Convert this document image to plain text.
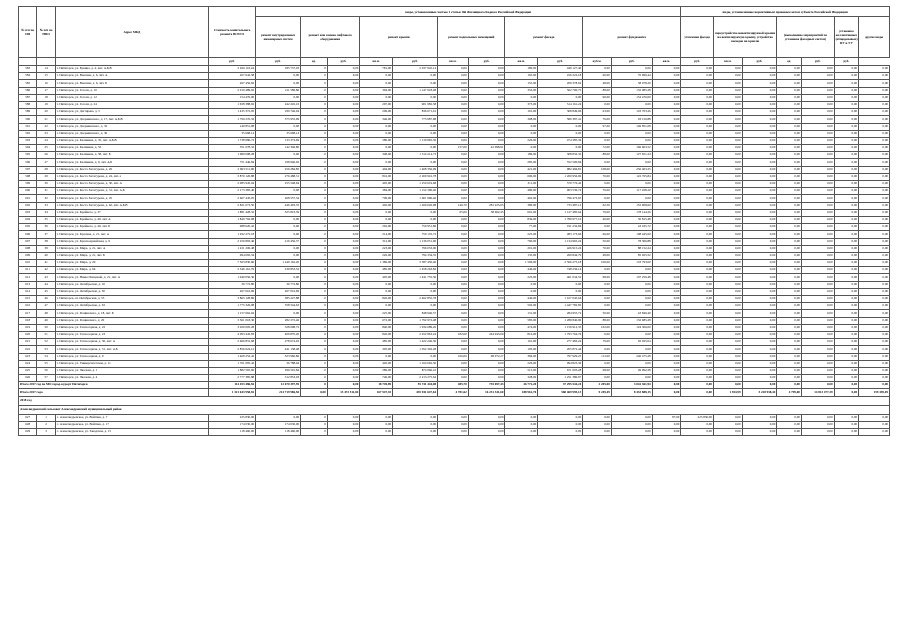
№ п/п по ПП	№ п/п по НПО	Адрес МКД	Стоимость капитального ремонта ВСЕГО	виды, установленные частью 1 статьи 166 Жилищного Кодекса Российской Федерации												виды, установленные нормативным правовым актом субъекта Российской Федерации						
				ремонт внутридомовых инженерных систем	ремонт или замена лифтового оборудования		ремонт крыши		ремонт подвальных помещений		ремонт фасада		ремонт фундамента			утепление фасада	переустройство невентилируемой крыши на вентилируемую крышу, устройство выходов на кровлю		(выполнение мероприятий по установке фасадных систем)		установка коллективных (общедомовых) ПУ и УУ	другие виды
			руб.	руб.	ед.	руб.	кв.м.	руб.	кв.м.	руб.	кв.м.	руб.	куб.м.	руб.	кв.м.	руб.	кв.м.	руб.	ед.	руб.	руб.	
583	14	г. Пятигорск, ул. Бунина, д. 4, лит. А,Б,В	2 626 116,44	185 737,03	0	0,00	781,00	2 037 945,14	0,00	0,00	180,00	449 127,40	0,00	0,00	0,00	0,00	0,00	0,00	0,00	0,00	0,00	0,00
584	15	г. Пятигорск, ул. Ваксина, д. 6, лит. А	267 642,58	0,00	0	0,00	0,00	0,00	0,00	0,00	165,00	226 222,18	60,00	70 699,44	0,00	0,00	0,00	0,00	0,00	0,00	0,00	0,00
585	16	г. Пятигорск, ул. Ваксина, д. 6, лит. Б	267 456,82	0,00	0	0,00	0,00	0,00	0,00	0,00	155,00	209 378,62	48,00	58 078,20	0,00	0,00	0,00	0,00	0,00	0,00	0,00	0,00
586	17	г. Пятигорск, ул. Гоголя, д. 10	2 010 489,02	211 586,86	0	0,00	394,00	1 147 918,48	0,00	0,00	352,00	502 700,75	88,00	132 085,28	0,00	0,00	0,00	0,00	0,00	0,00	0,00	0,00
587	18	г. Пятигорск, ул. Гоголя, д. 12	154 476,00	0,00	0	0,00	0,00	0,00	0,00	0,00	0,00	0,00	96,00	154 476,00	0,00	0,00	0,00	0,00	0,00	0,00	0,00	0,00
588	19	г. Пятигорск, ул. Гоголя, д. 24	1 658 388,92	242 245,10	0	0,00	297,00	901 982,58	0,00	0,00	373,00	514 161,24	0,00	0,00	0,00	0,00	0,00	0,00	0,00	0,00	0,00	0,00
589	20	г. Пятигорск, ул. Дегтярева, д. 5	1 435 372,05	180 746,04	0	0,00	209,00	836 671,61	0,00	0,00	191,00	308 849,06	63,00	103 703,26	0,00	0,00	0,00	0,00	0,00	0,00	0,00	0,00
590	21	г. Пятигорск, ул. Дзержинского, д. 17, лит. А,Б,В	1 790 276,32	375 955,99	0	0,00	346,00	773 987,98	0,00	0,00	308,00	580 387,41	76,00	93 150,88	0,00	0,00	0,00	0,00	0,00	0,00	0,00	0,00
591	22	г. Пятигорск, ул. Дзержинского, д. 32	149 851,08	0,00	0	0,00	0,00	0,00	0,00	0,00	0,00	0,00	97,00	149 851,08	0,00	0,00	0,00	0,00	0,00	0,00	0,00	0,00
592	23	г. Пятигорск, ул. Дзержинского, д. 36	35 668,14	35 668,14	0	0,00	0,00	0,00	0,00	0,00	0,00	0,00	0,00	0,00	0,00	0,00	0,00	0,00	0,00	0,00	0,00	0,00
593	24	г. Пятигорск, ул. Калинина, д. 35, лит. А,Б,В	1 738 686,72	133 374,69	0	0,00	280,00	1 130 865,36	0,00	0,00	226,00	474 385,36	0,00	0,00	0,00	0,00	0,00	0,00	0,00	0,00	0,00	0,00
594	25	г. Пятигорск, ул. Калинина, д. 52	351 078,32	142 346,80	0	0,00	0,00	0,00	157,00	42 098,91	0,00	0,00	72,00	166 603,52	0,00	0,00	0,00	0,00	0,00	0,00	0,00	0,00
595	26	г. Пятигорск, ул. Калинина, д. 58, лит. Б	1 680 698,28	0,00	0	0,00	348,00	1 314 214,73	0,00	0,00	186,00	308 832,32	88,00	127 651,24	0,00	0,00	0,00	0,00	0,00	0,00	0,00	0,00
596	27	г. Пятигорск, ул. Калинина, д. 9, лит. А,Б	751 446,84	198 946,02	0	0,00	0,00	0,00	0,00	0,00	285,00	552 500,84	0,00	0,00	0,00	0,00	0,00	0,00	0,00	0,00	0,00	0,00
597	28	г. Пятигорск, ул. Коста Хетагурова, д. 20	2 963 511,90	256 284,85	0	0,00	404,00	1 468 356,99	0,00	0,00	421,00	982 466,81	108,00	256 403,25	0,00	0,00	0,00	0,00	0,00	0,00	0,00	0,00
598	29	г. Пятигорск, ул. Коста Хетагурова, д. 24, лит. а	3 870 126,88	276 488,31	0	0,00	816,00	2 269 916,78	0,00	0,00	690,00	1 200 956,96	70,00	122 765,84	0,00	0,00	0,00	0,00	0,00	0,00	0,00	0,00
599	30	г. Пятигорск, ул. Коста Хетагурова, д. 30, лит. А	2 085 945,04	255 548,94	0	0,00	405,00	1 250 619,68	0,00	0,00	311,00	579 776,42	0,00	0,00	0,00	0,00	0,00	0,00	0,00	0,00	0,00	0,00
600	31	г. Пятигорск, ул. Коста Хетагурова, д. 31, лит. А,Б	2 173 385,40	0,00	0	0,00	384,00	1 152 390,46	0,00	0,00	480,00	903 536,74	76,00	117 458,20	0,00	0,00	0,00	0,00	0,00	0,00	0,00	0,00
601	32	г. Пятигорск, ул. Коста Хетагурова, д. 45	2 667 445,05	268 557,34	0	0,00	709,00	1 601 996,46	0,00	0,00	462,00	796 473,65	0,00	0,00	0,00	0,00	0,00	0,00	0,00	0,00	0,00	0,00
602	33	г. Пятигорск, ул. Коста Хетагурова, д. 62, лит. А,Б,В	2 821 073,50	446 493,35	0	0,00	402,00	1 269 626,98	146,70	281 225,05	380,00	733 487,12	62,50	152 908,60	0,00	0,00	0,00	0,00	0,00	0,00	0,00	0,00
603	34	г. Пятигорск, ул. Крайнего, д. 37	1 881 428,32	325 823,39	0	0,00	0,00	0,00	65,00	38 962,45	691,00	1 127 485,64	70,00	178 144,26	0,00	0,00	0,00	0,00	0,00	0,00	0,00	0,00
604	35	г. Пятигорск, ул. Крайнего, д. 49, лит. А	1 840 792,08	0,00	0	0,00	0,00	0,00	0,00	0,00	839,00	1 789 977,10	40,00	50 815,48	0,00	0,00	0,00	0,00	0,00	0,00	0,00	0,00
605	36	г. Пятигорск, ул. Крайнего, д. 49, лит. Б	988 620,42	0,00	0	0,00	262,00	750 951,86	0,00	0,00	77,00	191 232,84	0,00	43 435,72	0,00	0,00	0,00	0,00	0,00	0,00	0,00	0,00
606	37	г. Пятигорск, ул. Красина, д. 21, лит. А	1 292 275,18	0,00	0	0,00	214,00	750 135,72	0,00	0,00	225,00	483 173,66	66,00	108 445,00	0,00	0,00	0,00	0,00	0,00	0,00	0,00	0,00
607	38	г. Пятигорск, ул. Красноармейская, д. 9	2 256 893,46	216 456,37	0	0,00	312,00	1 136 051,00	0,00	0,00	790,00	1 134 965,24	50,00	78 306,88	0,00	0,00	0,00	0,00	0,00	0,00	0,00	0,00
608	39	г. Пятигорск, ул. Мира, д. 21, лит. А	1 221 206,48	0,00	0	0,00	223,00	796 033,00	0,00	0,00	201,00	426 915,24	70,00	88 152,24	0,00	0,00	0,00	0,00	0,00	0,00	0,00	0,00
609	40	г. Пятигорск, ул. Мира, д. 21, лит. Б	994 092,34	0,00	0	0,00	226,00	794 334,35	0,00	0,00	135,00	269 844,79	48,00	85 025,52	0,00	0,00	0,00	0,00	0,00	0,00	0,00	0,00
610	41	г. Пятигорск, ул. Мира, д. 29	7 563 830,96	1 249 162,20	0	0,00	1 386,00	3 587 450,46	0,00	0,00	1 596,00	2 506 275,18	106,00	133 793,00	0,00	0,00	0,00	0,00	0,00	0,00	0,00	0,00
611	42	г. Пятигорск, ул. Мира, д. 66	2 346 161,76	239 853,52	0	0,00	485,00	1 458 263,82	0,00	0,00	446,00	748 236,14	0,00	0,00	0,00	0,00	0,00	0,00	0,00	0,00	0,00	0,00
612	43	г. Пятигорск, ул. Нины Попцовой, д. 21, лит. А	1 940 056,36	0,00	0	0,00	405,00	1 441 755,30	0,00	0,00	225,00	461 034,52	68,00	107 256,48	0,00	0,00	0,00	0,00	0,00	0,00	0,00	0,00
613	44	г. Пятигорск, ул. Октябрьская, д. 16	36 772,80	36 772,80	0	0,00	0,00	0,00	0,00	0,00	0,00	0,00	0,00	0,00	0,00	0,00	0,00	0,00	0,00	0,00	0,00	0,00
614	45	г. Пятигорск, ул. Октябрьская, д. 50	267 016,69	267 016,69	0	0,00	0,00	0,00	0,00	0,00	0,00	0,00	0,00	0,00	0,00	0,00	0,00	0,00	0,00	0,00	0,00	0,00
615	46	г. Пятигорск, ul. Октябрьская, д. 55	3 865 128,86	385 227,88	0	0,00	826,00	2 462 855,78	0,00	0,00	446,00	1 017 045,64	0,00	0,00	0,00	0,00	0,00	0,00	0,00	0,00	0,00	0,00
616	47	г. Пятигорск, ул. Октябрьская, д. 63	1 775 326,08	358 544,63	0	0,00	0,00	0,00	0,00	0,00	592,00	1 447 782,85	0,00	0,00	0,00	0,00	0,00	0,00	0,00	0,00	0,00	0,00
617	48	г. Пятигорск, ул. Рощинского, д. 18, лит. Б	1 157 662,04	0,00	0	0,00	225,00	848 946,57	0,00	0,00	131,00	284 955,72	50,00	43 849,40	0,00	0,00	0,00	0,00	0,00	0,00	0,00	0,00
618	49	г. Пятигорск, ул. Рощинского, д. 20	3 361 018,30	282 272,46	0	0,00	672,00	1 792 972,48	0,00	0,00	585,00	1 289 840,90	88,00	132 685,28	0,00	0,00	0,00	0,00	0,00	0,00	0,00	0,00
619	50	г. Пятигорск, ул. Теплосерная, д. 22	3 020 005,28	328 098,72	0	0,00	840,00	1 934 689,26	0,00	0,00	474,00	1 156 912,35	102,00	124 306,00	0,00	0,00	0,00	0,00	0,00	0,00	0,00	0,00
620	51	г. Пятигорск, ул. Теплосерная, д. 23	4 093 445,83	409 870,20	0	0,00	826,00	2 452 863,24	182,00	244 943,60	816,00	1 793 764,76	0,00	0,00	0,00	0,00	0,00	0,00	0,00	0,00	0,00	0,00
621	52	г. Пятигорск, ул. Теплосерная, д. 30, лит. А	2 666 831,68	278 674,02	0	0,00	485,00	1 422 246,36	0,00	0,00	161,00	277 483,24	79,00	92 025,04	0,00	0,00	0,00	0,00	0,00	0,00	0,00	0,00
622	53	г. Пятигорск, ул. Теплосерная, д. 31, лит. А,Б	2 856 624,12	441 138,48	0	0,00	305,00	1 052 302,28	0,00	0,00	105,00	205 872,44	0,00	0,00	0,00	0,00	0,00	0,00	0,00	0,00	0,00	0,00
623	54	г. Пятигорск, ул. Теплосерная, д. 9	1 469 252,42	323 960,86	0	0,00	0,00	0,00	106,00	98 972,27	384,00	797 929,25	113,00	246 475,28	0,00	0,00	0,00	0,00	0,00	0,00	0,00	0,00
624	55	г. Пятигорск, ул. Университетская, д. 11	1 761 095,42	36 788,04	0	0,00	426,00	1 164 062,36	0,00	0,00	226,00	994 823,36	0,00	0,00	0,00	0,00	0,00	0,00	0,00	0,00	0,00	0,00
625	56	г. Пятигорск, ул. Чкалова, д. 1	1 882 565,00	296 591,84	0	0,00	286,00	874 966,16	0,00	0,00	515,00	671 003,28	68,00	49 992,28	0,00	0,00	0,00	0,00	0,00	0,00	0,00	0,00
626	57	г. Пятигорск, ул. Чкалова, д. 4	2 777 385,88	312 853,03	0	0,00	746,00	2 213 275,64	0,00	0,00	328,00	1 251 380,97	0,00	0,00	0,00	0,00	0,00	0,00	0,00	0,00	0,00	0,00
Итого 2017 год по МО город-курорт Пятигорск			114 453 486,56	12 670 397,59	0	0,00	18 749,89	55 741 444,08	485,70	735 697,43	26 772,20	37 295 544,24	2 205,00	3 042 361,94	0,00	0,00	0,00	0,00	0,00	0,00	0,00	0,00
Итого 2017 года			1 321 643 958,81	214 719 986,50	0,00	13 472 511,84	167 547,35	435 941 647,64	4 781,62	16 231 341,60	188 961,76	568 469 995,13	9 249,49	8 433 888,15	0,00	0,00	1 934,99	5 228 938,44	4 799,00	14 813 477,39	0,00	159 495,05
2018 год																						
Александровский сельсовет Александровский муниципальный район																						
627	1	с. Александровское, ул. Войтика, д. 7	225 830,00	0,00	0	0,00	0,00	0,00	0,00	0,00	0,00	0,00	0,00	0,00	87,00	225 830,00	0,00	0,00	0,00	0,00	0,00	0,00
628	2	с. Александровское, ул. Войтика, д. 17	174 030,00	174 030,00	0	0,00	0,00	0,00	0,00	0,00	0,00	0,00	0,00	0,00	0,00	0,00	0,00	0,00	0,00	0,00	0,00	0,00
629	3	с. Александровское, ул. Заводская, д. 15	118 460,00	118 460,00	0	0,00	0,00	0,00	0,00	0,00	0,00	0,00	0,00	0,00	0,00	0,00	0,00	0,00	0,00	0,00	0,00	0,00
